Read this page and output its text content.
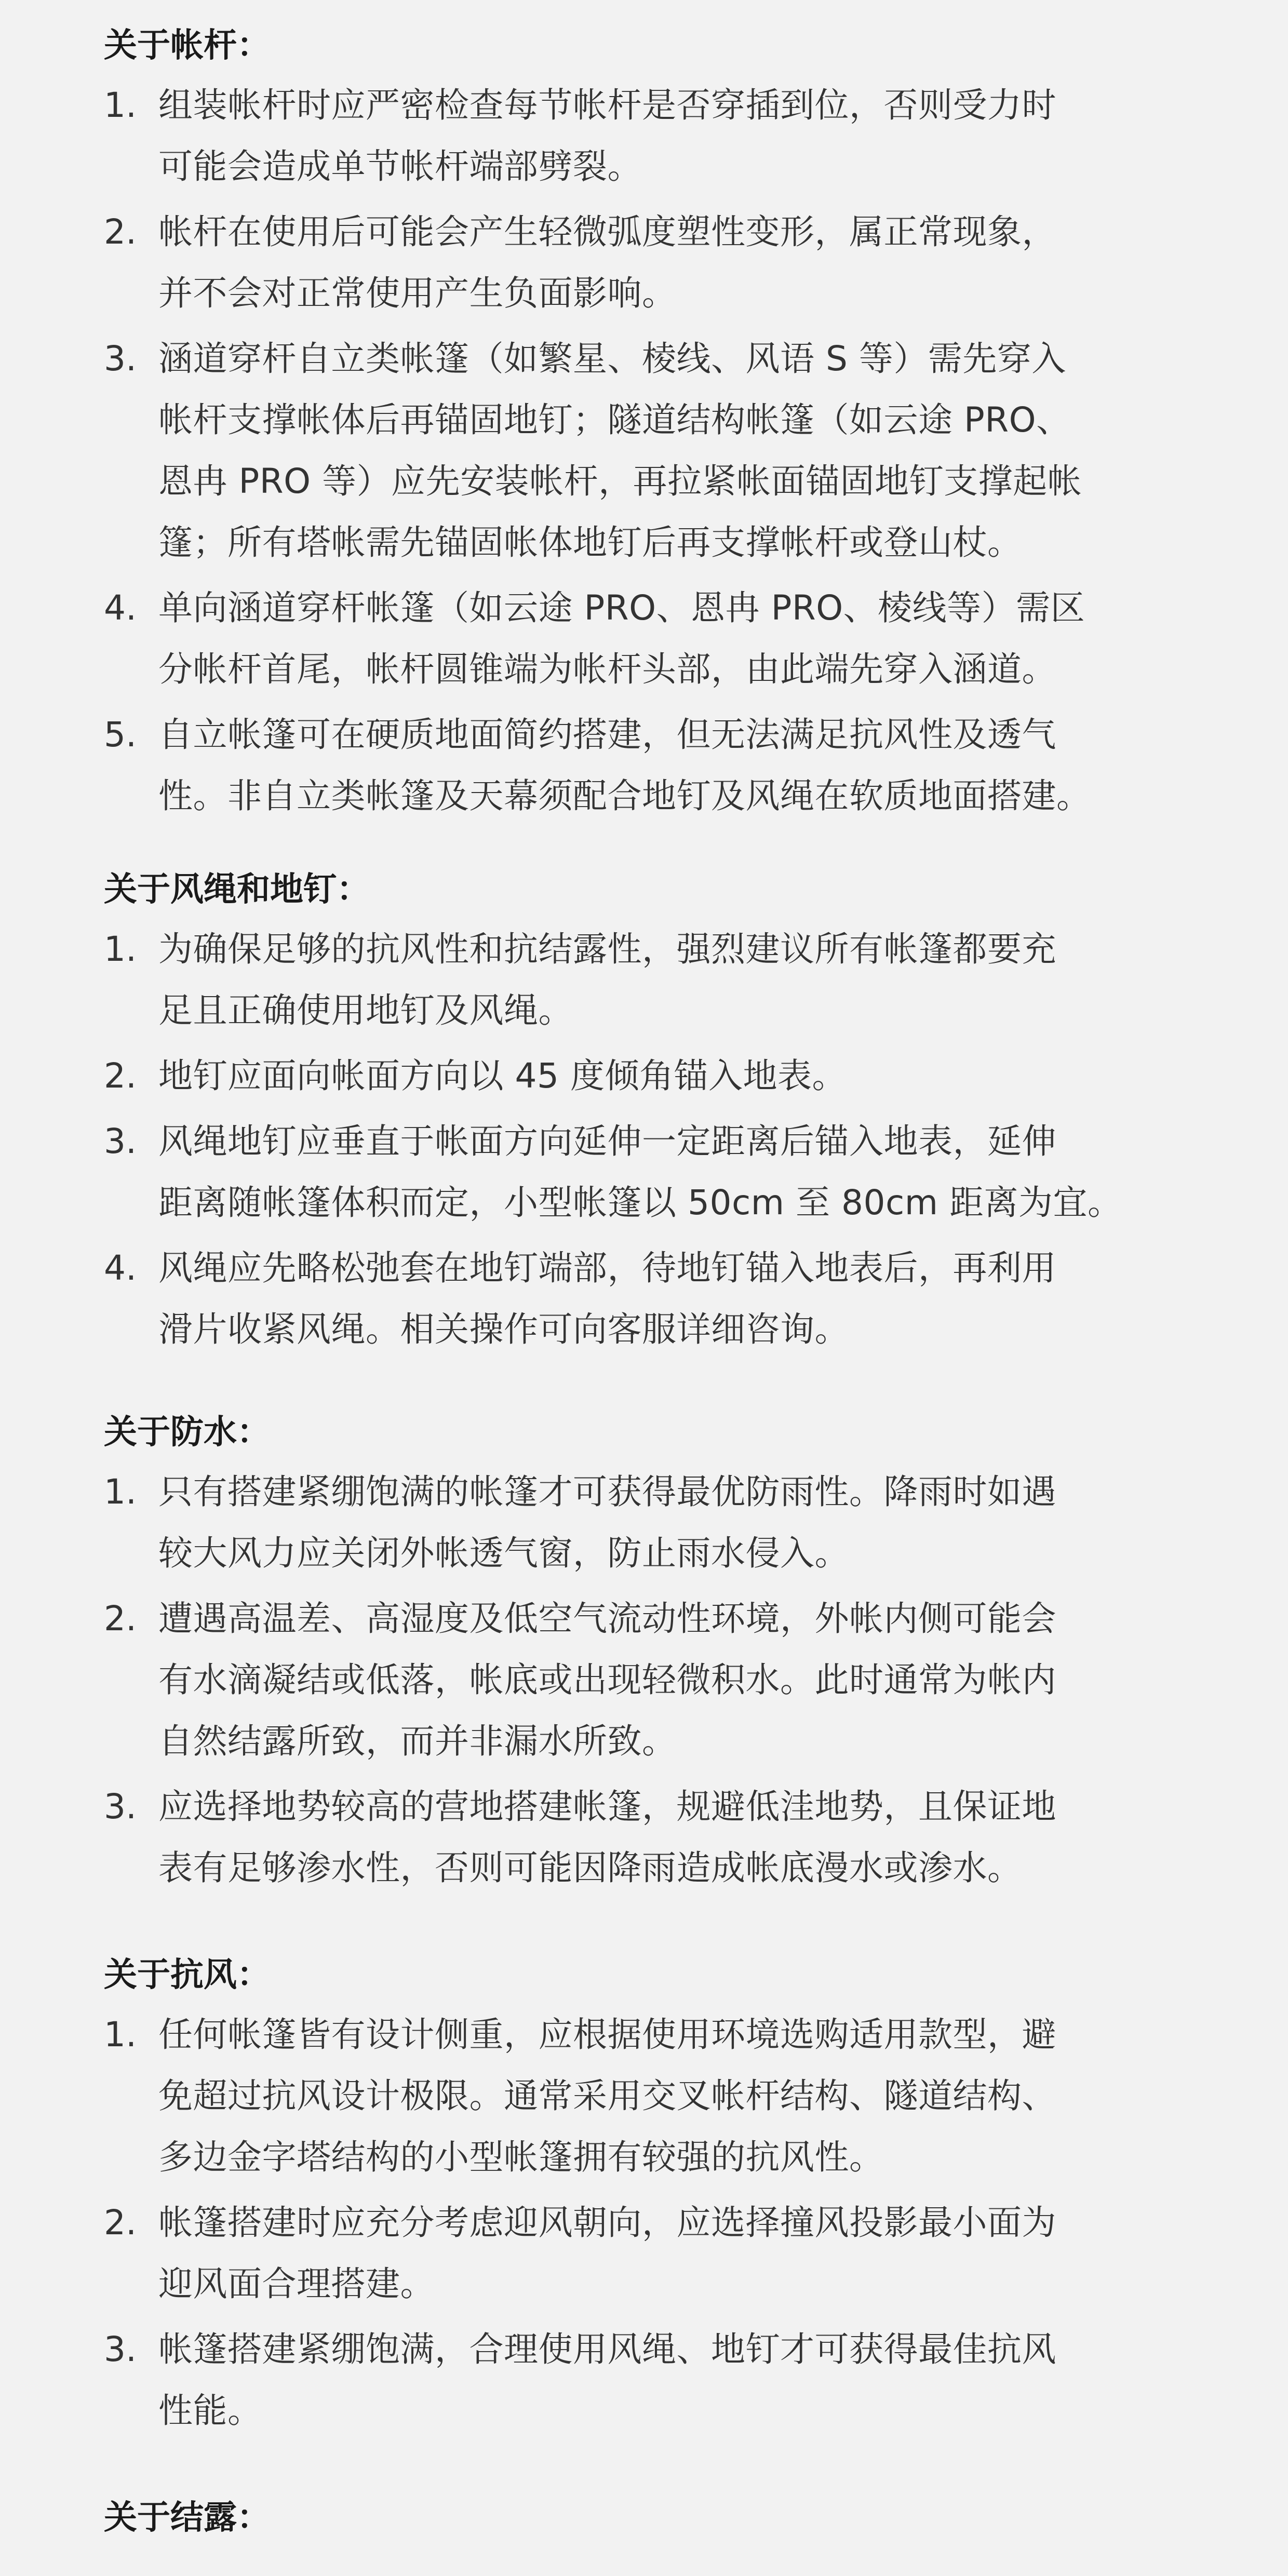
关于帐杆：
1. 组装帐杆时应严密检查每节帐杆是否穿插到位，否则受力时
可能会造成单节帐杆端部劈裂。
2. 帐杆在使用后可能会产生轻微弧度塑性变形，属正常现象，
并不会对正常使用产生负面影响。
3. 涵道穿杆自立类帐篷（如繁星、棱线、风语 S 等）需先穿入
帐杆支撑帐体后再锚固地钉；隧道结构帐篷（如云途 PRO、
恩冉 PRO 等）应先安装帐杆，再拉紧帐面锚固地钉支撑起帐
篷；所有塔帐需先锚固帐体地钉后再支撑帐杆或登山杖。
4. 单向涵道穿杆帐篷（如云途 PRO、恩冉 PRO、棱线等）需区
分帐杆首尾，帐杆圆锥端为帐杆头部，由此端先穿入涵道。
5. 自立帐篷可在硬质地面简约搭建，但无法满足抗风性及透气
性。非自立类帐篷及天幕须配合地钉及风绳在软质地面搭建。
关于风绳和地钉：
1. 为确保足够的抗风性和抗结露性，强烈建议所有帐篷都要充
足且正确使用地钉及风绳。
2. 地钉应面向帐面方向以 45 度倾角锚入地表。
3. 风绳地钉应垂直于帐面方向延伸一定距离后锚入地表，延伸
距离随帐篷体积而定，小型帐篷以 50cm 至 80cm 距离为宜。
4. 风绳应先略松弛套在地钉端部，待地钉锚入地表后，再利用
滑片收紧风绳。相关操作可向客服详细咨询。
关于防水：
1. 只有搭建紧绷饱满的帐篷才可获得最优防雨性。降雨时如遇
较大风力应关闭外帐透气窗，防止雨水侵入。
2. 遭遇高温差、高湿度及低空气流动性环境，外帐内侧可能会
有水滴凝结或低落，帐底或出现轻微积水。此时通常为帐内
自然结露所致，而并非漏水所致。
3. 应选择地势较高的营地搭建帐篷，规避低洼地势，且保证地
表有足够渗水性，否则可能因降雨造成帐底漫水或渗水。
关于抗风：
1. 任何帐篷皆有设计侧重，应根据使用环境选购适用款型，避
免超过抗风设计极限。通常采用交叉帐杆结构、隧道结构、
多边金字塔结构的小型帐篷拥有较强的抗风性。
2. 帐篷搭建时应充分考虑迎风朝向，应选择撞风投影最小面为
迎风面合理搭建。
3. 帐篷搭建紧绷饱满，合理使用风绳、地钉才可获得最佳抗风
性能。
关于结露：
